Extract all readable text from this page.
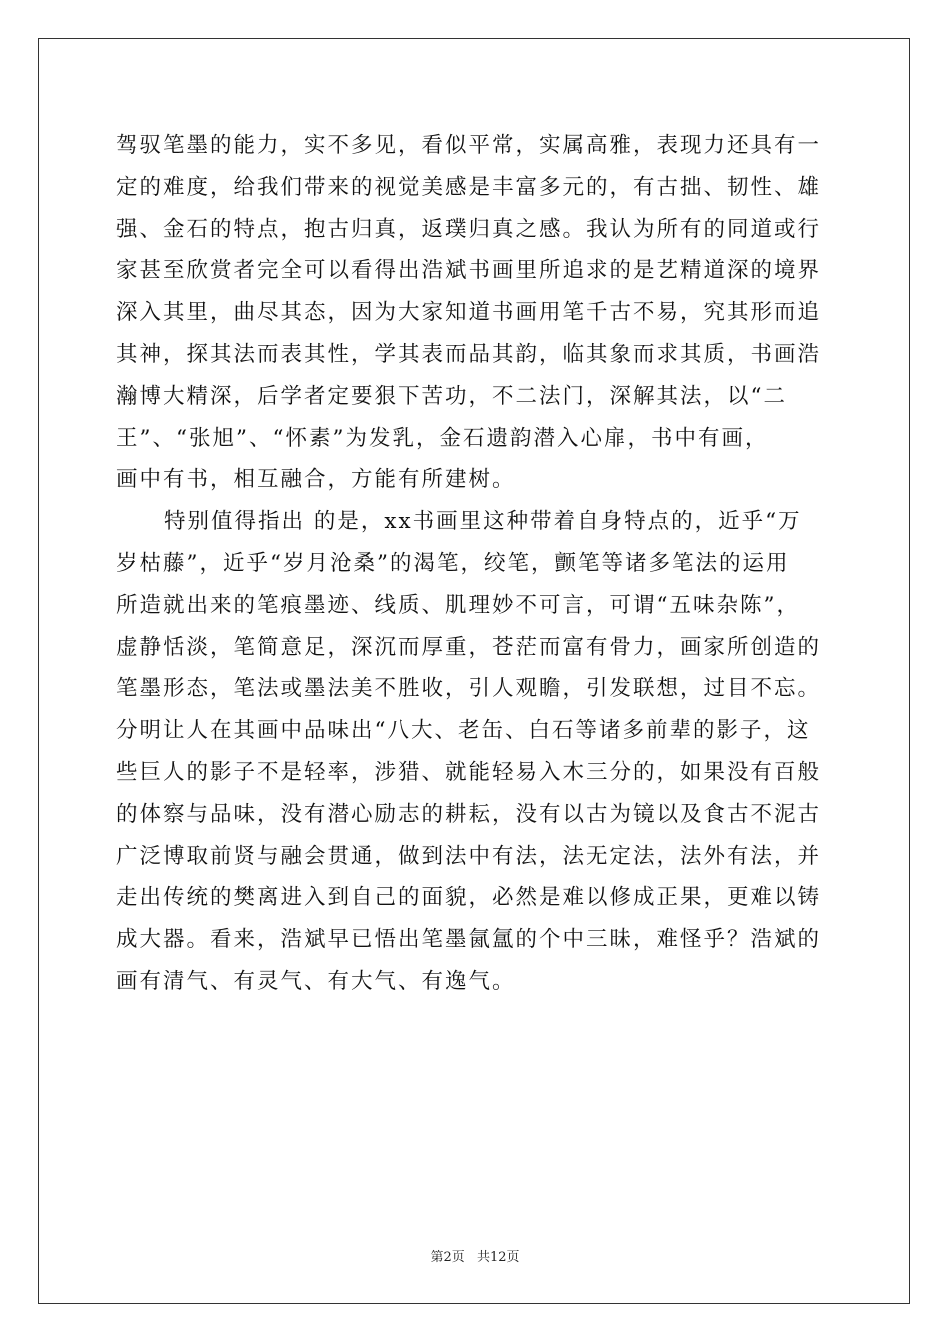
驾驭笔墨的能力，实不多见，看似平常，实属高雅，表现力还具有一
定的难度，给我们带来的视觉美感是丰富多元的，有古拙、韧性、雄
强、金石的特点，抱古归真，返璞归真之感。我认为所有的同道或行
家甚至欣赏者完全可以看得出浩斌书画里所追求的是艺精道深的境界
深入其里，曲尽其态，因为大家知道书画用笔千古不易，究其形而追
其神，探其法而表其性，学其表而品其韵，临其象而求其质，书画浩
瀚博大精深，后学者定要狠下苦功，不二法门，深解其法，以“二
王”、“张旭”、“怀素”为发乳，金石遗韵潜入心扉，书中有画，
画中有书，相互融合，方能有所建树。
特别值得指出 的是，xx书画里这种带着自身特点的，近乎“万
岁枯藤”，近乎“岁月沧桑”的渴笔，绞笔，颤笔等诸多笔法的运用
所造就出来的笔痕墨迹、线质、肌理妙不可言，可谓“五味杂陈”，
虚静恬淡，笔简意足，深沉而厚重，苍茫而富有骨力，画家所创造的
笔墨形态，笔法或墨法美不胜收，引人观瞻，引发联想，过目不忘。
分明让人在其画中品味出“八大、老缶、白石等诸多前辈的影子，这
些巨人的影子不是轻率，涉猎、就能轻易入木三分的，如果没有百般
的体察与品味，没有潜心励志的耕耘，没有以古为镜以及食古不泥古
广泛博取前贤与融会贯通，做到法中有法，法无定法，法外有法，并
走出传统的樊离进入到自己的面貌，必然是难以修成正果，更难以铸
成大器。看来，浩斌早已悟出笔墨氤氲的个中三昧，难怪乎？浩斌的
画有清气、有灵气、有大气、有逸气。
第2页 共12页
